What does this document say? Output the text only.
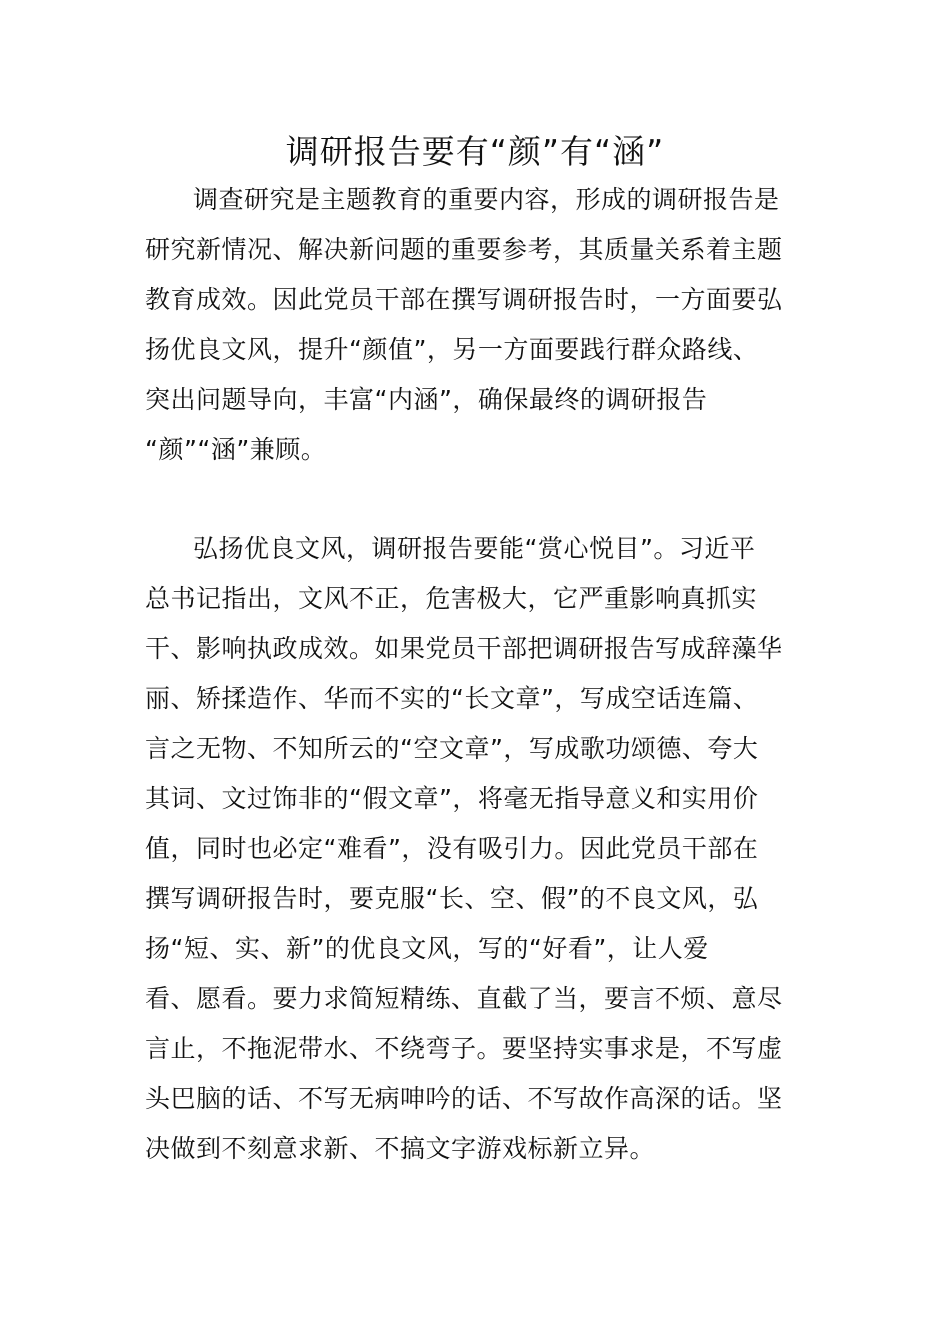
调研报告要有“颜”有“涵”
调查研究是主题教育的重要内容，形成的调研报告是
研究新情况、解决新问题的重要参考，其质量关系着主题
教育成效。因此党员干部在撰写调研报告时，一方面要弘
扬优良文风，提升“颜值”，另一方面要践行群众路线、
突出问题导向，丰富“内涵”，确保最终的调研报告
“颜”“涵”兼顾。
弘扬优良文风，调研报告要能“赏心悦目”。习近平
总书记指出，文风不正，危害极大，它严重影响真抓实
干、影响执政成效。如果党员干部把调研报告写成辞藻华
丽、矫揉造作、华而不实的“长文章”，写成空话连篇、
言之无物、不知所云的“空文章”，写成歌功颂德、夸大
其词、文过饰非的“假文章”，将毫无指导意义和实用价
值，同时也必定“难看”，没有吸引力。因此党员干部在
撰写调研报告时，要克服“长、空、假”的不良文风，弘
扬“短、实、新”的优良文风，写的“好看”，让人爱
看、愿看。要力求简短精练、直截了当，要言不烦、意尽
言止，不拖泥带水、不绕弯子。要坚持实事求是，不写虚
头巴脑的话、不写无病呻吟的话、不写故作高深的话。坚
决做到不刻意求新、不搞文字游戏标新立异。
